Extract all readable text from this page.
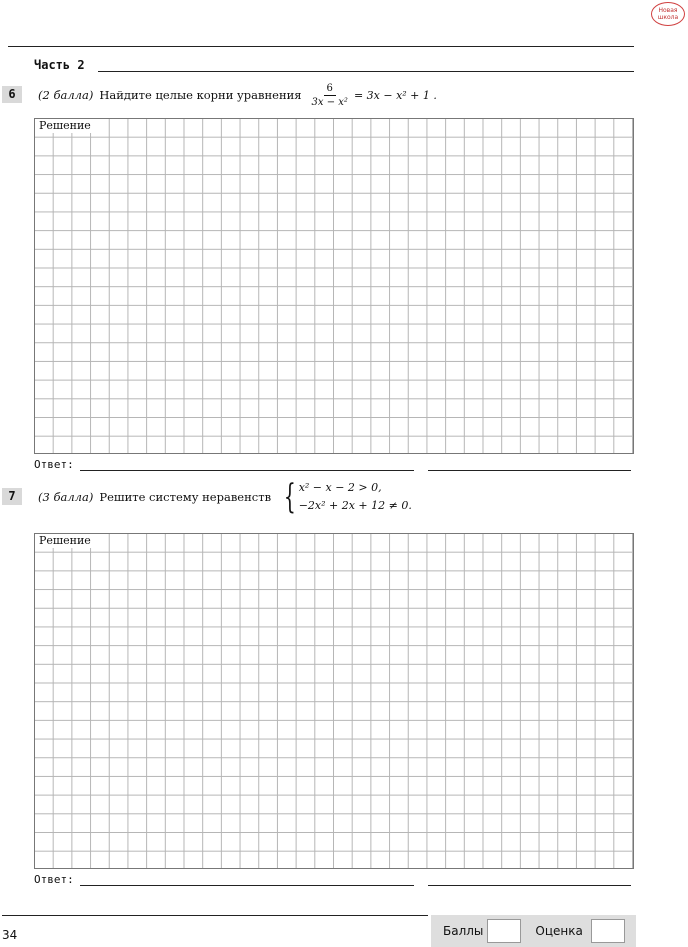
Новая
школа
Часть 2
6	(2 балла) Найдите целые корни уравнения $\frac{6}{\text{3x − x²}} = 3x - x^2 + 1$ .
Решение
Ответ:
7	(3 балла) Решите систему неравенств { x² − x − 2 > 0,
−2x² + 2x + 12 ≠ 0.
Решение
Ответ:
34	Баллы	Оценка
